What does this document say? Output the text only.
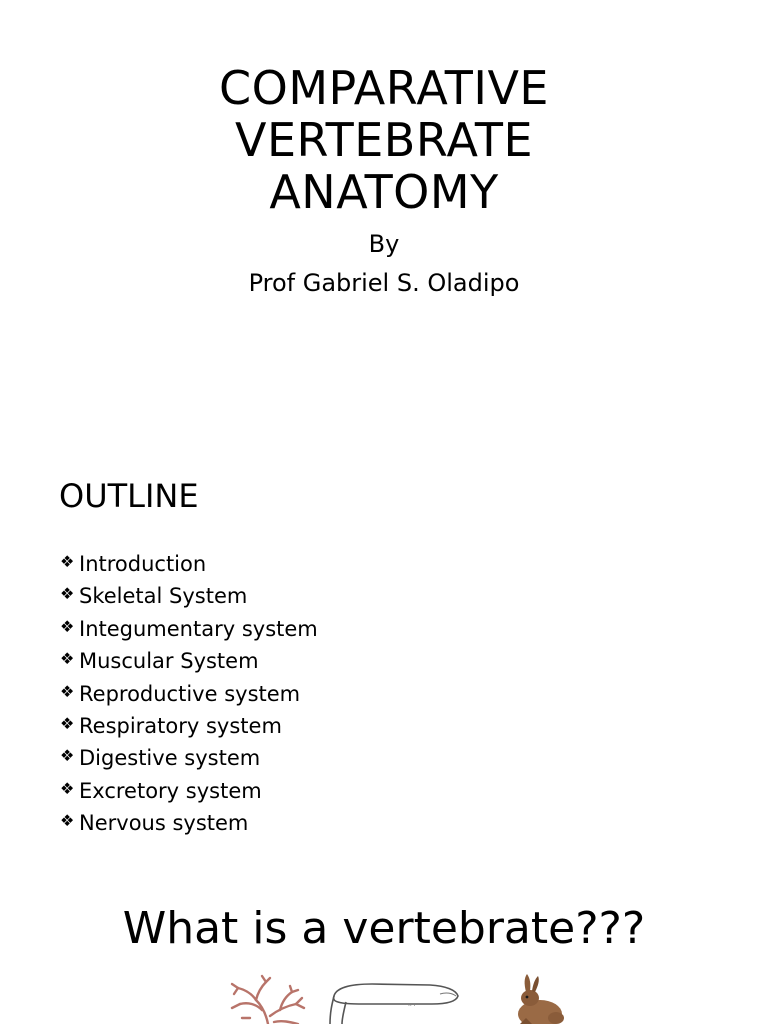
COMPARATIVE
VERTEBRATE
ANATOMY
By
Prof Gabriel S. Oladipo
OUTLINE
❖ Introduction
❖ Skeletal System
❖ Integumentary system
❖ Muscular System
❖ Reproductive system
❖ Respiratory system
❖ Digestive system
❖ Excretory system
❖ Nervous system
What is a vertebrate???
·· ·
